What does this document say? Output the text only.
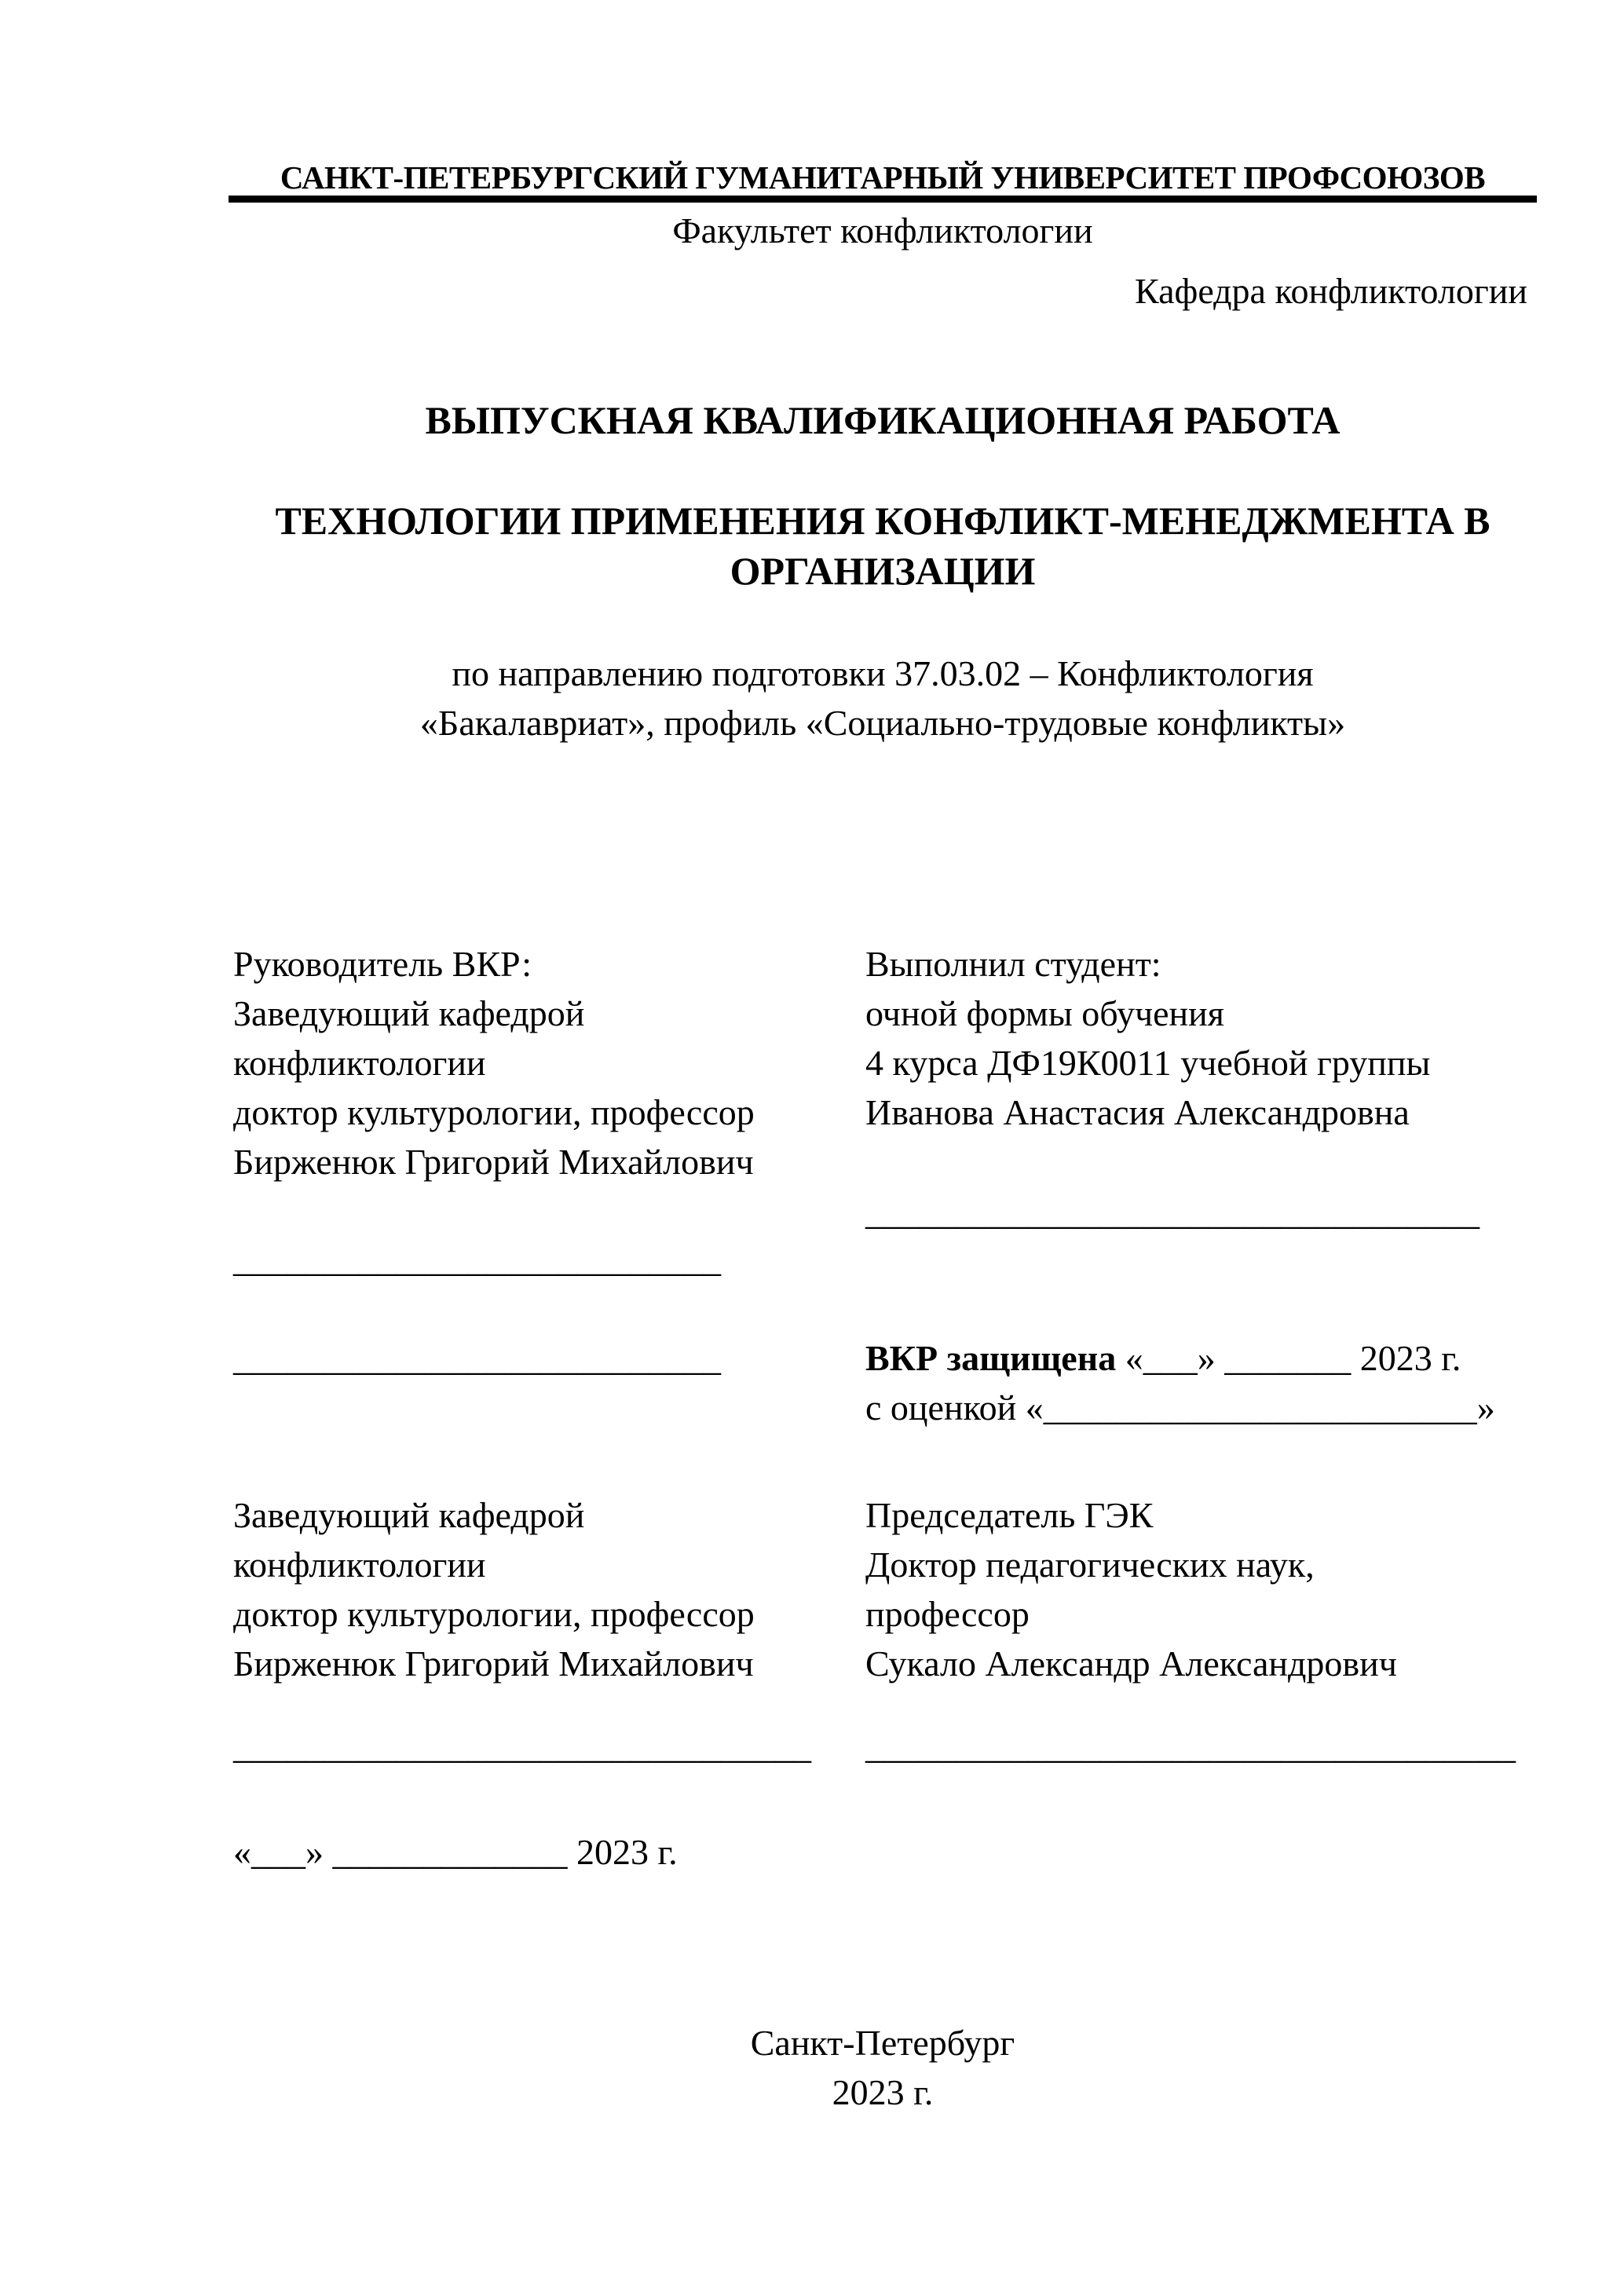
САНКТ-ПЕТЕРБУРГСКИЙ ГУМАНИТАРНЫЙ УНИВЕРСИТЕТ ПРОФСОЮЗОВ
Факультет конфликтологии
Кафедра конфликтологии
ВЫПУСКНАЯ КВАЛИФИКАЦИОННАЯ РАБОТА
ТЕХНОЛОГИИ ПРИМЕНЕНИЯ КОНФЛИКТ-МЕНЕДЖМЕНТА В
ОРГАНИЗАЦИИ
по направлению подготовки 37.03.02 – Конфликтология
«Бакалавриат», профиль «Социально-трудовые конфликты»
Руководитель ВКР:
Заведующий кафедрой
конфликтологии
доктор культурологии, профессор
Бирженюк Григорий Михайлович
Выполнил студент:
очной формы обучения
4 курса ДФ19К0011 учебной группы
Иванова Анастасия Александровна
__________________________________
___________________________
___________________________	ВКР защищена «___» _______ 2023 г.
с оценкой «________________________»
Заведующий кафедрой
конфликтологии
доктор культурологии, профессор
Бирженюк Григорий Михайлович
Председатель ГЭК
Доктор педагогических наук,
профессор
Сукало Александр Александрович
________________________________	____________________________________
«___» _____________ 2023 г.
Санкт-Петербург
2023 г.
